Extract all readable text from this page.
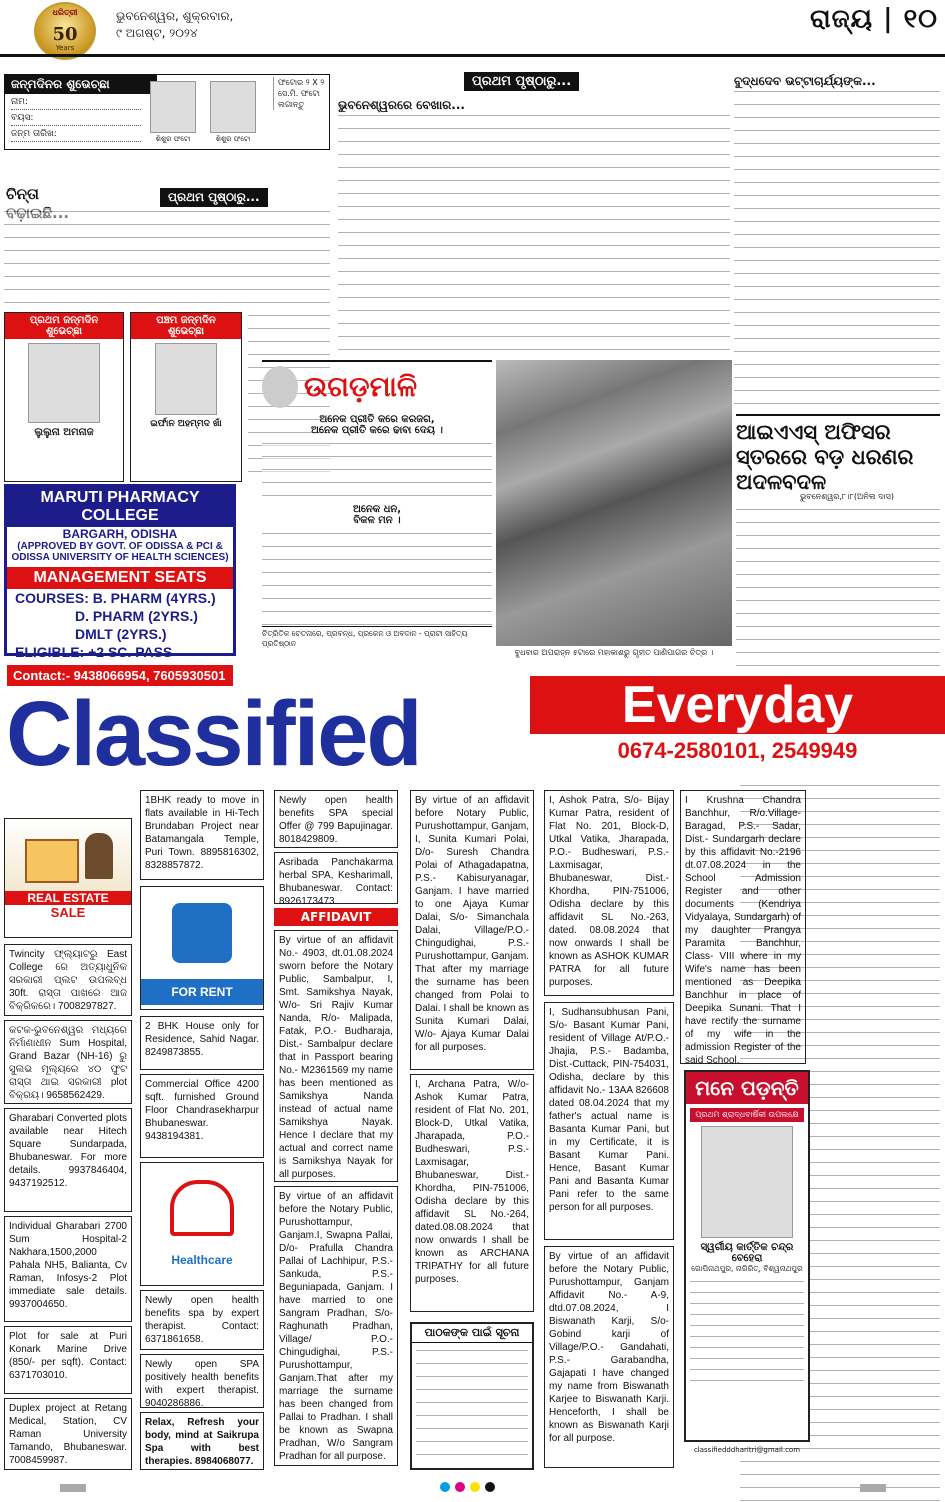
ଧରିତ୍ରୀ
50
Years
ଭୁବନେଶ୍ୱର, ଶୁକ୍ରବାର,
୯ ଅଗଷ୍ଟ, ୨୦୨୪	ରାଜ୍ୟ | ୧୦
ଜନ୍ମଦିନର ଶୁଭେଚ୍ଛା
ନାମ:
ବୟସ:
ଜନ୍ମ ତାରିଖ:	ଶିଶୁର ଫଟୋ	ଶିଶୁର ଫଟୋ
ଫଟୋର ୨ X ୨ ସେ.ମି. ଫଟୋ ଲଗାନ୍ତୁ
ଚିନ୍ତା ବଢ଼ାଇଛି...
ପ୍ରଥମ ପୃଷ୍ଠାରୁ...
ପ୍ରଥମ ଜନ୍ମଦିନ ଶୁଭେଚ୍ଛା
ଲୁଲୁନା ଅମନାଜ
ପଞ୍ଚମ ଜନ୍ମଦିନ ଶୁଭେଚ୍ଛା
ଇର୍ଫାନ ଅହମ୍ମଦ ଖାଁ
MARUTI PHARMACY COLLEGE
BARGARH, ODISHA
(APPROVED BY GOVT. OF ODISSA & PCI &
ODISSA UNIVERSITY OF HEALTH SCIENCES)
MANAGEMENT SEATS
COURSES: B. PHARM (4YRS.)
D. PHARM (2YRS.)
DMLT (2YRS.)
ELIGIBLE: +2 SC. PASS
Contact:- 9438066954, 7605930501
ପ୍ରଥମ ପୃଷ୍ଠାରୁ...
ଭୁବନେଶ୍ୱରରେ ବେଖାର...
ବୁଦ୍ଧଦେବ ଭଟ୍ଟାଚାର୍ଯ୍ୟଙ୍କ...
ଉଗଡ଼ମାଳି
ଅନେକ ପ୍ରୀତି କରେ କରଜଗ,
ଅନେକ ପ୍ରୀତି କରେ ଢାବା ଦେୟ ।
ଅନେକ ଧନ,
ବିକଳ ମନ ।
ଚିତ୍ରିତିକ ଚେତନାରେ, ପ୍ରବନ୍ଧ, ପ୍ରକେନ ଓ ଅବଦାନ - ପ୍ରାଚୀ ସାହିତ୍ୟ ପ୍ରତିଷ୍ଠାନ
ବୁଧବାର ଅପରାହ୍ନ ୫ଟାରେ ମହାକାଶରୁ ଗୃହୀତ ପାଣିପାଗର ଚିତ୍ର ।
ଆଇଏଏସ୍ ଅଫିସର ସ୍ତରରେ ବଡ଼ ଧରଣର ଅଦଳବଦଳ
ଭୁବନେଶ୍ୱର,୮।୮(ଅନିଲ ଦାସ)
Classified	Everyday
0674-2580101, 2549949
REAL ESTATE
SALE
Twincity ଫ୍ଲ୍ୟାଟରୁ East College ରେ ଅତ୍ୟାଧୁନିକ ସରକାରୀ ପ୍ଲଟ ଉପଲବ୍ଧ 30ft. ରାସ୍ତା ପାଖରେ ଆଜ ବିକ୍ରିକରେ। 7008297827.
କଟକ-ଭୁବନେଶ୍ୱର ମଧ୍ୟରେ ନିର୍ମାଣାଧୀନ Sum Hospital, Grand Bazar (NH-16) ରୁ ସୁଲଭ ମୂଲ୍ୟରେ ୪୦ ଫୁଟ ରାସ୍ତା ଥାଇ ସରକାରୀ plot ବିକ୍ରୟ। 9658562429.
Gharabari Converted plots available near Hitech Square Sundarpada, Bhubaneswar. For more details. 9937846404, 9437192512.
Individual Gharabari 2700 Sum Hospital-2 Nakhara,1500,2000 Pahala NH5, Balianta, Cv Raman, Infosys-2 Plot immediate sale details. 9937004650.
Plot for sale at Puri Konark Marine Drive (850/- per sqft). Contact: 6371703010.
Duplex project at Retang Medical, Station, CV Raman University Tamando, Bhubaneswar. 7008459987.
1BHK ready to move in flats available in Hi-Tech Brundaban Project near Batamangala Temple, Puri Town. 8895816302, 8328857872.
FOR RENT
2 BHK House only for Residence, Sahid Nagar. 8249873855.
Commercial Office 4200 sqft. furnished Ground Floor Chandrasekharpur Bhubaneswar. 9438194381.
Healthcare
Newly open health benefits spa by expert therapist. Contact: 6371861658.
Newly open SPA positively health benefits with expert therapist. 9040286886.
Relax, Refresh your body, mind at Saikrupa Spa with best therapies. 8984068077.
Newly open health benefits SPA special Offer @ 799 Bapujinagar. 8018429809.
Asribada Panchakarma herbal SPA, Kesharimall, Bhubaneswar. Contact: 8926173473.
AFFIDAVIT
By virtue of an affidavit No.- 4903, dt.01.08.2024 sworn before the Notary Public, Sambalpur, I, Smt. Samikshya Nayak, W/o- Sri Rajiv Kumar Nanda, R/o- Malipada, Fatak, P.O.- Budharaja, Dist.- Sambalpur declare that in Passport bearing No.- M2361569 my name has been mentioned as Samikshya Nanda instead of actual name Samikshya Nayak. Hence I declare that my actual and correct name is Samikshya Nayak for all purposes.
By virtue of an affidavit before the Notary Public, Purushottampur, Ganjam.I, Swapna Pallai, D/o- Prafulla Chandra Pallai of Lachhipur, P.S.- Sankuda, P.S.- Beguniapada, Ganjam. I have married to one Sangram Pradhan, S/o- Raghunath Pradhan, Village/ P.O.- Chingudighai, P.S.- Purushottampur, Ganjam.That after my marriage the surname has been changed from Pallai to Pradhan. I shall be known as Swapna Pradhan, W/o Sangram Pradhan for all purpose.
By virtue of an affidavit before Notary Public, Purushottampur, Ganjam, I, Sunita Kumari Polai, D/o- Suresh Chandra Polai of Athagadapatna, P.S.- Kabisuryanagar, Ganjam. I have married to one Ajaya Kumar Dalai, S/o- Simanchala Dalai, Village/P.O.- Chingudighai, P.S.- Purushottampur, Ganjam. That after my marriage the surname has been changed from Polai to Dalai. I shall be known as Sunita Kumari Dalai, W/o- Ajaya Kumar Dalai for all purposes.
I, Archana Patra, W/o- Ashok Kumar Patra, resident of Flat No. 201, Block-D, Utkal Vatika, Jharapada, P.O.- Budheswari, P.S.- Laxmisagar, Bhubaneswar, Dist.- Khordha, PIN-751006, Odisha declare by this affidavit SL No.-264, dated.08.08.2024 that now onwards I shall be known as ARCHANA TRIPATHY for all future purposes.
ପାଠକଙ୍କ ପାଇଁ ସୂଚନା
I, Ashok Patra, S/o- Bijay Kumar Patra, resident of Flat No. 201, Block-D, Utkal Vatika, Jharapada, P.O.- Budheswari, P.S.- Laxmisagar, Bhubaneswar, Dist.- Khordha, PIN-751006, Odisha declare by this affidavit SL No.-263, dated. 08.08.2024 that now onwards I shall be known as ASHOK KUMAR PATRA for all future purposes.
I, Sudhansubhusan Pani, S/o- Basant Kumar Pani, resident of Village At/P.O.-Jhajia, P.S.- Badamba, Dist.-Cuttack, PIN-754031, Odisha, declare by this affidavit No.- 13AA 826608 dated 08.04.2024 that my father's actual name is Basanta Kumar Pani, but in my Certificate, it is Basant Kumar Pani. Hence, Basant Kumar Pani and Basanta Kumar Pani refer to the same person for all purposes.
By virtue of an affidavit before the Notary Public, Purushottampur, Ganjam Affidavit No.- A-9, dtd.07.08.2024, I Biswanath Karji, S/o- Gobind karji of Village/P.O.- Gandahati, P.S.- Garabandha, Gajapati I have changed my name from Biswanath Karjee to Biswanath Karji. Henceforth, I shall be known as Biswanath Karji for all purpose.
I Krushna Chandra Banchhur, R/o.Village- Baragad, P.S.- Sadar, Dist.- Sundargarh declare by this affidavit No.-2196 dt.07.08.2024 in the School Admission Register and other documents (Kendriya Vidyalaya, Sundargarh) of my daughter Prangya Paramita Banchhur, Class- VIII where in my Wife's name has been mentioned as Deepika Banchhur in place of Deepika Sunani. That I have rectify the surname of my wife in the admission Register of the said School.
ମନେ ପଡ଼ନ୍ତି
ପ୍ରଥମ ଶ୍ରାଦ୍ଧବାର୍ଷିକୀ ଉପଲକ୍ଷେ
ସ୍ୱର୍ଗୀୟ କାର୍ତ୍ତିକ ଚନ୍ଦ୍ର ବେହେରା
ଗୋପିନାଥପୁର, ନାଗିରିତ୍, ବିଶ୍ୱନାଥପୁର
classifiedddharitri@gmail.com
